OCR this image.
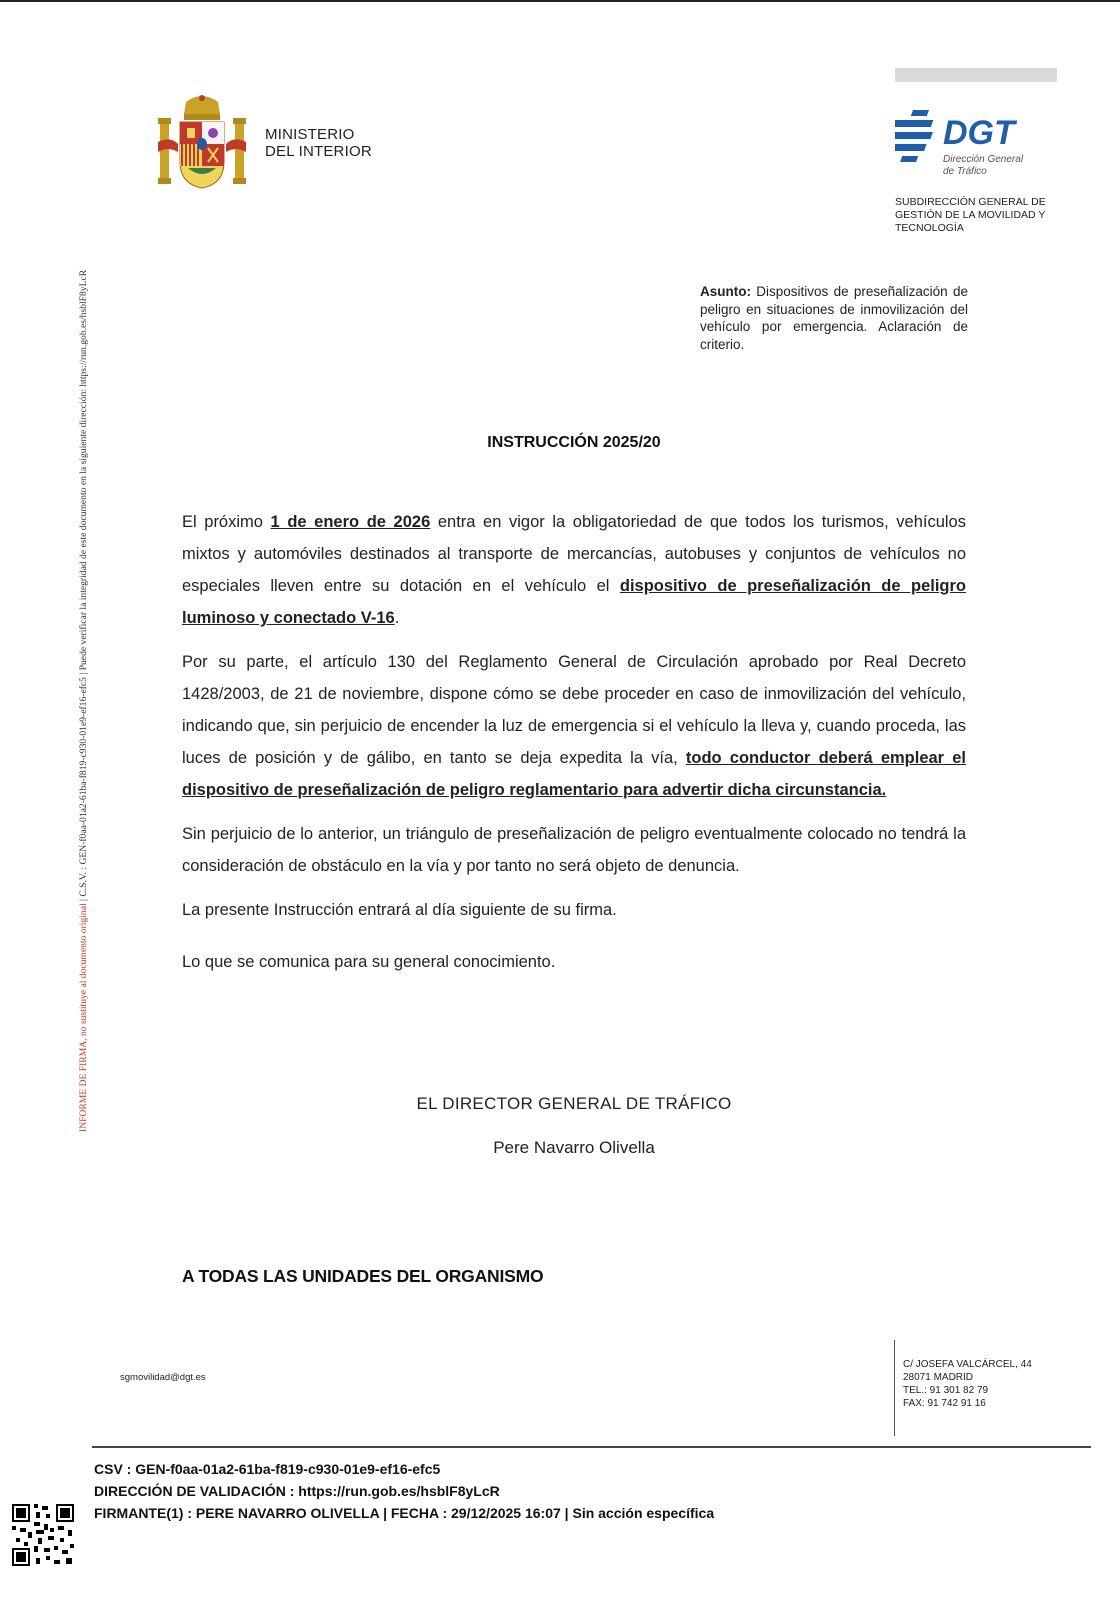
INFORME DE FIRMA, no sustituye al documento original | C.S.V. : GEN-f0aa-01a2-61ba-f819-c930-01e9-ef16-efc5 | Puede verificar la integridad de este documento en la siguiente dirección: https://run.gob.es/hsblF8yLcR
MINISTERIO
DEL INTERIOR	DGT
Dirección General
de Tráfico
SUBDIRECCIÓN GENERAL DE
GESTIÓN DE LA MOVILIDAD Y
TECNOLOGÍA
Asunto: Dispositivos de preseñalización de peligro en situaciones de inmovilización del vehículo por emergencia. Aclaración de criterio.
INSTRUCCIÓN 2025/20

El próximo 1 de enero de 2026 entra en vigor la obligatoriedad de que todos los turismos, vehículos mixtos y automóviles destinados al transporte de mercancías, autobuses y conjuntos de vehículos no especiales lleven entre su dotación en el vehículo el dispositivo de preseñalización de peligro luminoso y conectado V-16.

Por su parte, el artículo 130 del Reglamento General de Circulación aprobado por Real Decreto 1428/2003, de 21 de noviembre, dispone cómo se debe proceder en caso de inmovilización del vehículo, indicando que, sin perjuicio de encender la luz de emergencia si el vehículo la lleva y, cuando proceda, las luces de posición y de gálibo, en tanto se deja expedita la vía, todo conductor deberá emplear el dispositivo de preseñalización de peligro reglamentario para advertir dicha circunstancia.

Sin perjuicio de lo anterior, un triángulo de preseñalización de peligro eventualmente colocado no tendrá la consideración de obstáculo en la vía y por tanto no será objeto de denuncia.

La presente Instrucción entrará al día siguiente de su firma.

Lo que se comunica para su general conocimiento.

EL DIRECTOR GENERAL DE TRÁFICO
Pere Navarro Olivella
A TODAS LAS UNIDADES DEL ORGANISMO
sgmovilidad@dgt.es
C/ JOSEFA VALCÁRCEL, 44
28071 MADRID
TEL.: 91 301 82 79
FAX: 91 742 91 16
CSV : GEN-f0aa-01a2-61ba-f819-c930-01e9-ef16-efc5
DIRECCIÓN DE VALIDACIÓN : https://run.gob.es/hsblF8yLcR
FIRMANTE(1) : PERE NAVARRO OLIVELLA | FECHA : 29/12/2025 16:07 | Sin acción específica
